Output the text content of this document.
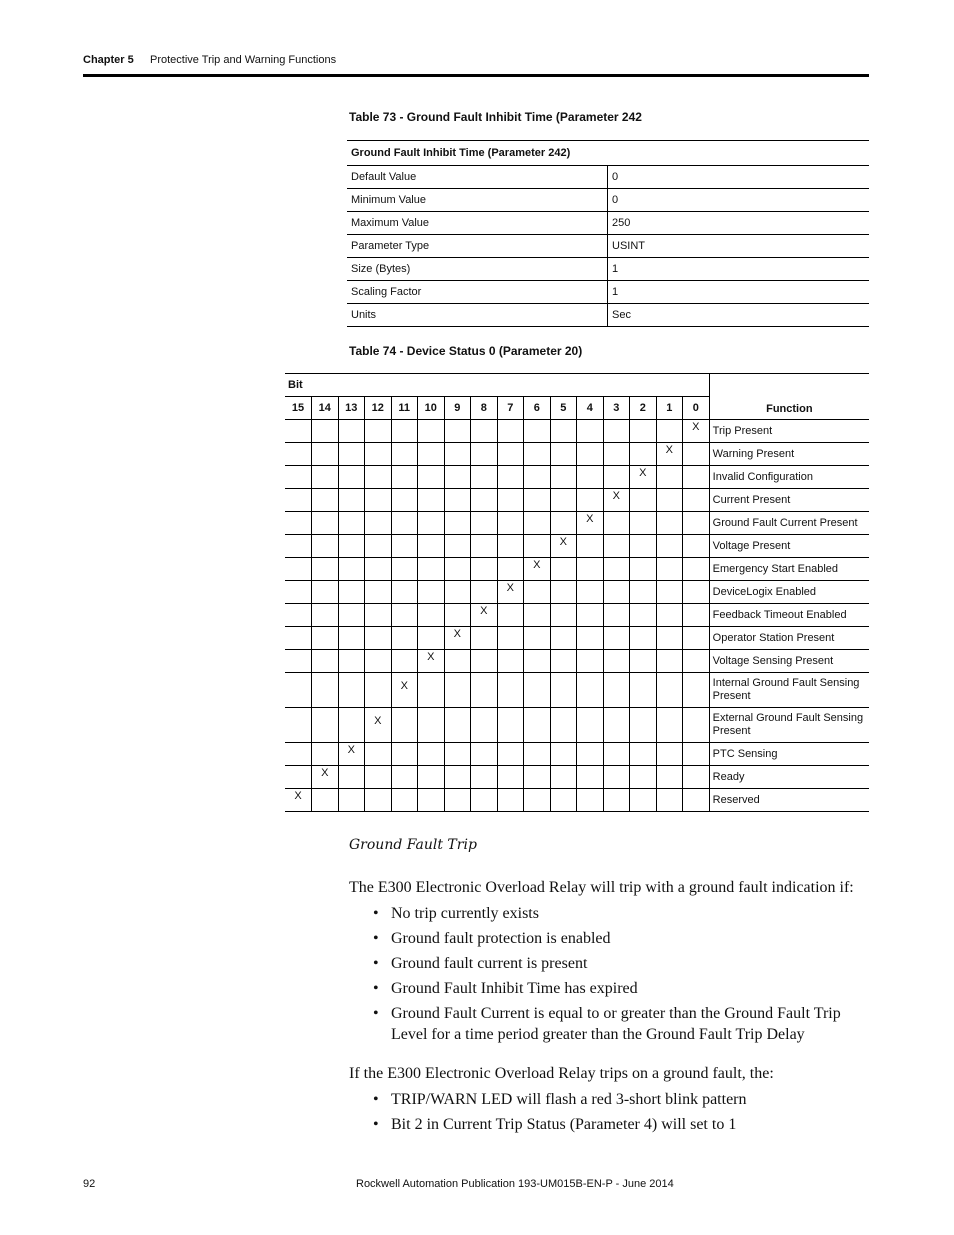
Chapter 5 Protective Trip and Warning Functions
Table 73 - Ground Fault Inhibit Time (Parameter 242
Ground Fault Inhibit Time (Parameter 242)	
Default Value	0
Minimum Value	0
Maximum Value	250
Parameter Type	USINT
Size (Bytes)	1
Scaling Factor	1
Units	Sec
Table 74 - Device Status 0 (Parameter 20)
Bit																Function
15	14	13	12	11	10	9	8	7	6	5	4	3	2	1	0	
															X	Trip Present
														X		Warning Present
													X			Invalid Configuration
												X				Current Present
											X					Ground Fault Current Present
										X						Voltage Present
									X							Emergency Start Enabled
								X								DeviceLogix Enabled
							X									Feedback Timeout Enabled
						X										Operator Station Present
					X											Voltage Sensing Present
				X												Internal Ground Fault Sensing Present
			X													External Ground Fault Sensing Present
		X														PTC Sensing
	X															Ready
X																Reserved
Ground Fault Trip
The E300 Electronic Overload Relay will trip with a ground fault indication if:
• No trip currently exists
• Ground fault protection is enabled
• Ground fault current is present
• Ground Fault Inhibit Time has expired
• Ground Fault Current is equal to or greater than the Ground Fault Trip Level for a time period greater than the Ground Fault Trip Delay
If the E300 Electronic Overload Relay trips on a ground fault, the:
• TRIP/WARN LED will flash a red 3-short blink pattern
• Bit 2 in Current Trip Status (Parameter 4) will set to 1
92	Rockwell Automation Publication 193-UM015B-EN-P - June 2014
